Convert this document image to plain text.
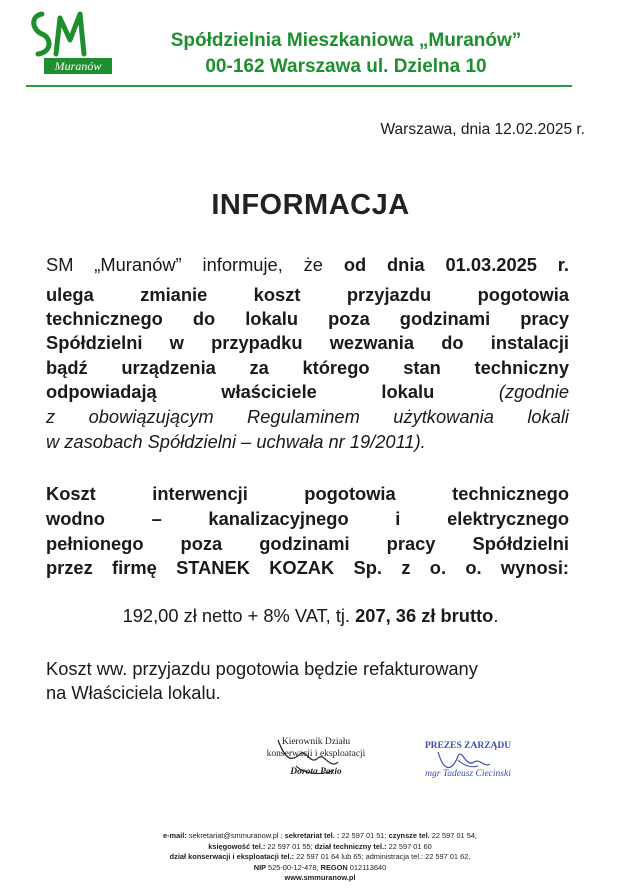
Muranów
Spółdzielnia Mieszkaniowa „Muranów”
00-162 Warszawa ul. Dzielna 10
Warszawa, dnia 12.02.2025 r.
INFORMACJA
SM „Muranów” informuje, że od dnia 01.03.2025 r.
ulega zmianie koszt przyjazdu pogotowia
technicznego do lokalu poza godzinami pracy
Spółdzielni w przypadku wezwania do instalacji
bądź urządzenia za którego stan techniczny
odpowiadają właściciele lokalu (zgodnie
z obowiązującym Regulaminem użytkowania lokali
w zasobach Spółdzielni – uchwała nr 19/2011).
Koszt interwencji pogotowia technicznego
wodno – kanalizacyjnego i elektrycznego
pełnionego poza godzinami pracy Spółdzielni
przez firmę STANEK KOZAK Sp. z o. o. wynosi:
192,00 zł netto + 8% VAT, tj. 207, 36 zł brutto.
Koszt ww. przyjazdu pogotowia będzie refakturowany
na Właściciela lokalu.
Kierownik Działu
konserwacji i eksploatacji
Dorota Pazio
PREZES ZARZĄDU
mgr Tadeusz Ciecinski
e-mail: sekretariat@smmuranow.pl ; sekretariat tel. : 22 597 01 51; czynsze tel. 22 597 01 54;
księgowość tel.: 22 597 01 55; dział techniczny tel.: 22 597 01 60
dział konserwacji i eksploatacji tel.: 22 597 01 64 lub 65; administracja tel.: 22 597 01 62,
NIP 525-00-12-478; REGON 012113640
www.smmuranow.pl
